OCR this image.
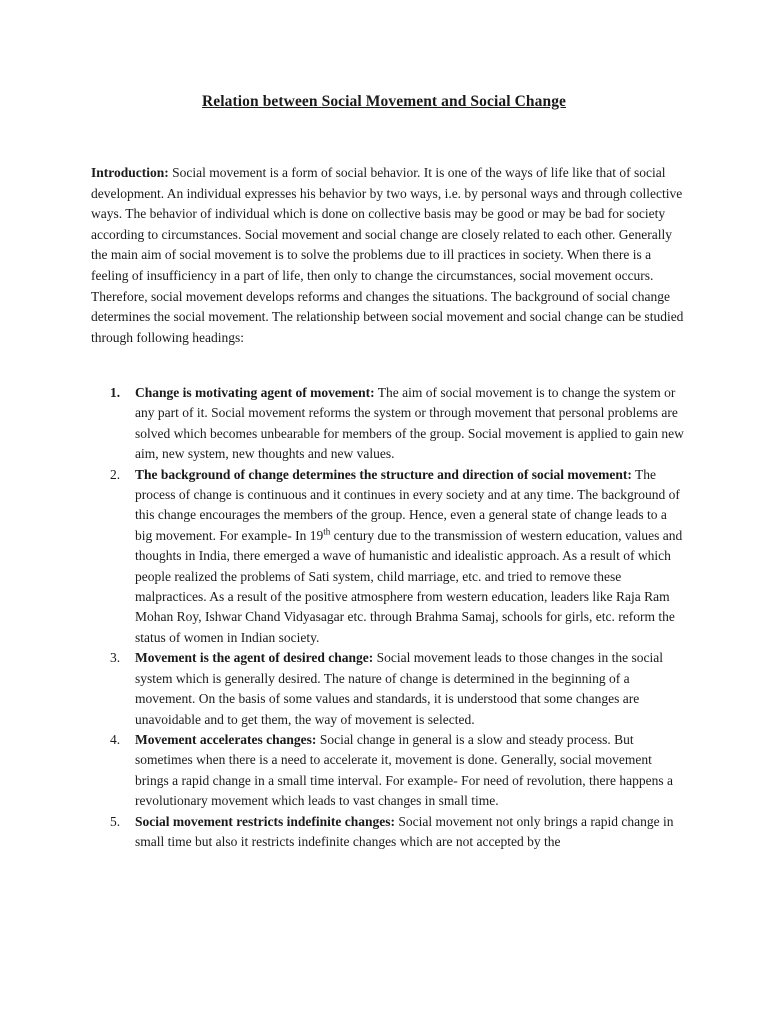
Relation between Social Movement and Social Change

Introduction: Social movement is a form of social behavior. It is one of the ways of life like that of social development. An individual expresses his behavior by two ways, i.e. by personal ways and through collective ways. The behavior of individual which is done on collective basis may be good or may be bad for society according to circumstances. Social movement and social change are closely related to each other. Generally the main aim of social movement is to solve the problems due to ill practices in society. When there is a feeling of insufficiency in a part of life, then only to change the circumstances, social movement occurs. Therefore, social movement develops reforms and changes the situations. The background of social change determines the social movement. The relationship between social movement and social change can be studied through following headings:

1. Change is motivating agent of movement: The aim of social movement is to change the system or any part of it. Social movement reforms the system or through movement that personal problems are solved which becomes unbearable for members of the group. Social movement is applied to gain new aim, new system, new thoughts and new values.
2. The background of change determines the structure and direction of social movement: The process of change is continuous and it continues in every society and at any time. The background of this change encourages the members of the group. Hence, even a general state of change leads to a big movement. For example- In 19th century due to the transmission of western education, values and thoughts in India, there emerged a wave of humanistic and idealistic approach. As a result of which people realized the problems of Sati system, child marriage, etc. and tried to remove these malpractices. As a result of the positive atmosphere from western education, leaders like Raja Ram Mohan Roy, Ishwar Chand Vidyasagar etc. through Brahma Samaj, schools for girls, etc. reform the status of women in Indian society.
3. Movement is the agent of desired change: Social movement leads to those changes in the social system which is generally desired. The nature of change is determined in the beginning of a movement. On the basis of some values and standards, it is understood that some changes are unavoidable and to get them, the way of movement is selected.
4. Movement accelerates changes: Social change in general is a slow and steady process. But sometimes when there is a need to accelerate it, movement is done. Generally, social movement brings a rapid change in a small time interval. For example- For need of revolution, there happens a revolutionary movement which leads to vast changes in small time.
5. Social movement restricts indefinite changes: Social movement not only brings a rapid change in small time but also it restricts indefinite changes which are not accepted by the
